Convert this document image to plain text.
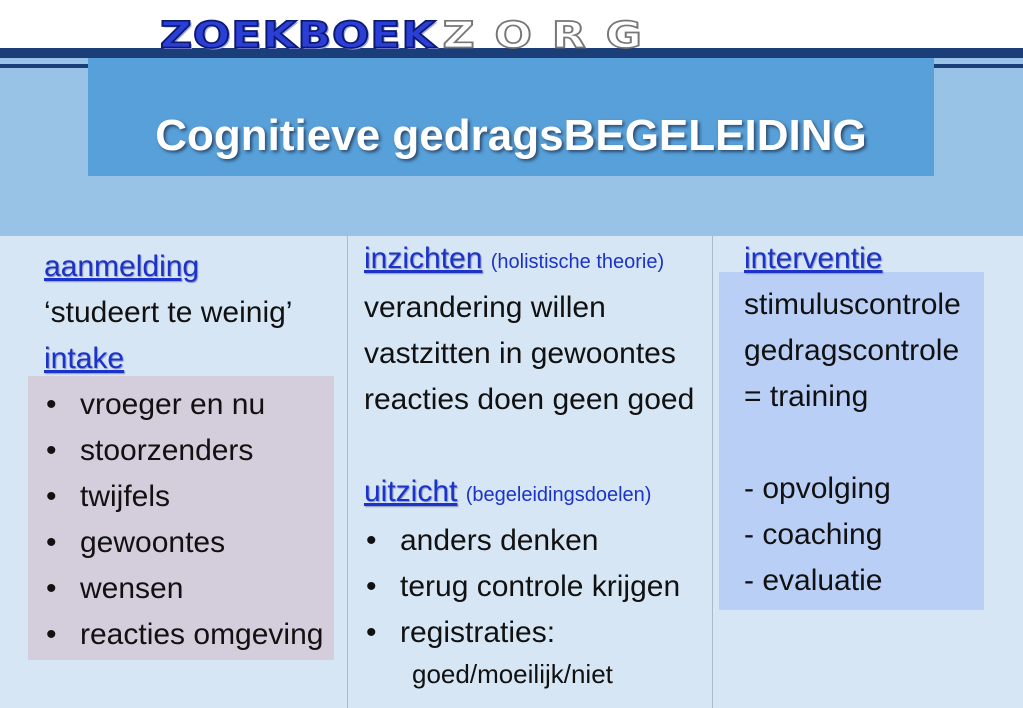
ZOEKBOEK ZORG
Cognitieve gedragsBEGELEIDING
aanmelding
‘studeert te weinig’
intake
• vroeger en nu
• stoorzenders
• twijfels
• gewoontes
• wensen
• reacties omgeving
inzichten (holistische theorie)
verandering willen
vastzitten in gewoontes
reacties doen geen goed
uitzicht (begeleidingsdoelen)
• anders denken
• terug controle krijgen
• registraties:
goed/moeilijk/niet
interventie
stimuluscontrole
gedragscontrole
= training
- opvolging
- coaching
- evaluatie
